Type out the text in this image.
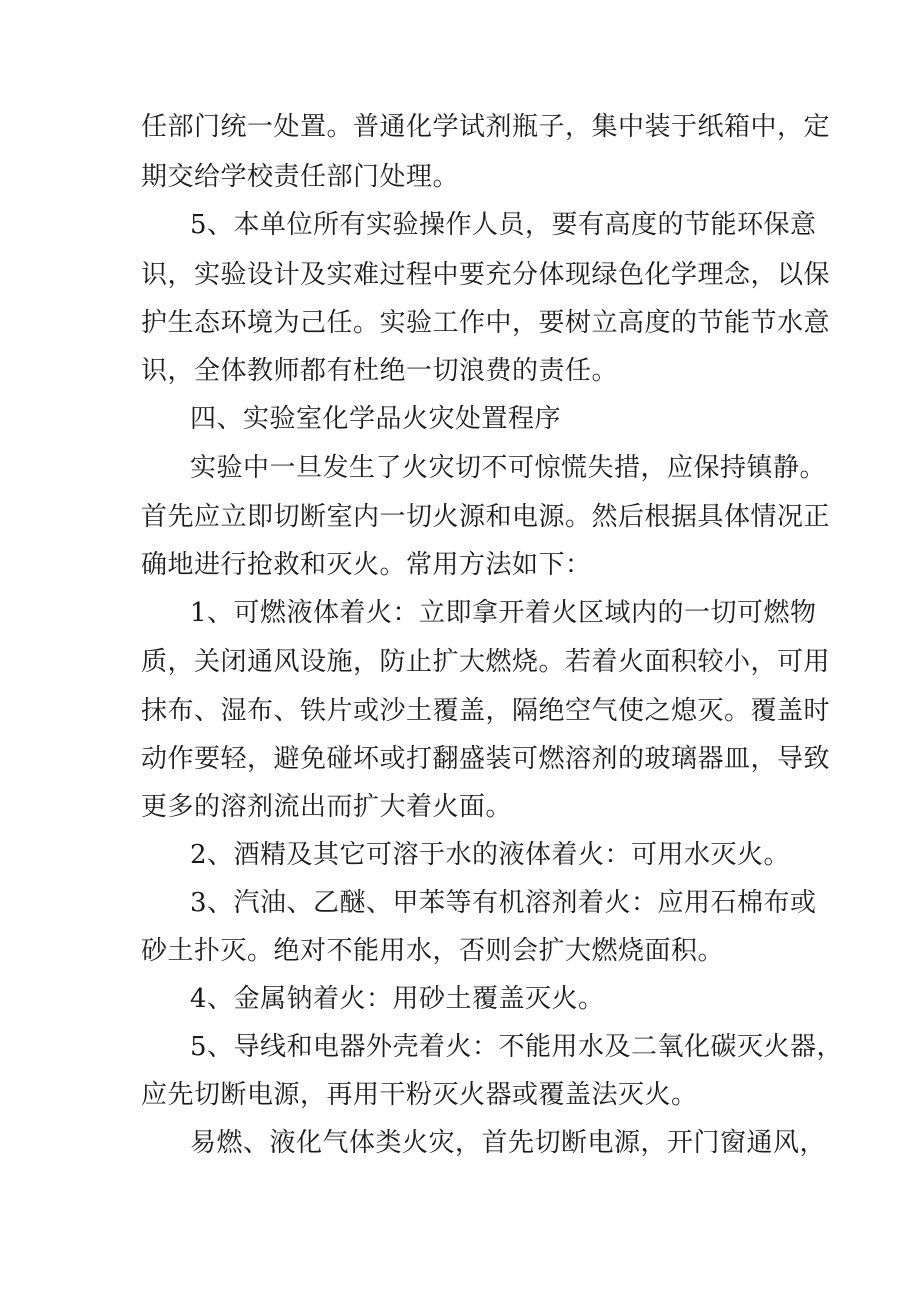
任部门统一处置。普通化学试剂瓶子，集中装于纸箱中，定
期交给学校责任部门处理。
5、本单位所有实验操作人员，要有高度的节能环保意
识，实验设计及实难过程中要充分体现绿色化学理念，以保
护生态环境为己任。实验工作中，要树立高度的节能节水意
识，全体教师都有杜绝一切浪费的责任。
四、实验室化学品火灾处置程序
实验中一旦发生了火灾切不可惊慌失措，应保持镇静。
首先应立即切断室内一切火源和电源。然后根据具体情况正
确地进行抢救和灭火。常用方法如下：
1、可燃液体着火：立即拿开着火区域内的一切可燃物
质，关闭通风设施，防止扩大燃烧。若着火面积较小，可用
抹布、湿布、铁片或沙土覆盖，隔绝空气使之熄灭。覆盖时
动作要轻，避免碰坏或打翻盛装可燃溶剂的玻璃器皿，导致
更多的溶剂流出而扩大着火面。
2、酒精及其它可溶于水的液体着火：可用水灭火。
3、汽油、乙醚、甲苯等有机溶剂着火：应用石棉布或
砂土扑灭。绝对不能用水，否则会扩大燃烧面积。
4、金属钠着火：用砂土覆盖灭火。
5、导线和电器外壳着火：不能用水及二氧化碳灭火器，
应先切断电源，再用干粉灭火器或覆盖法灭火。
易燃、液化气体类火灾，首先切断电源，开门窗通风，
